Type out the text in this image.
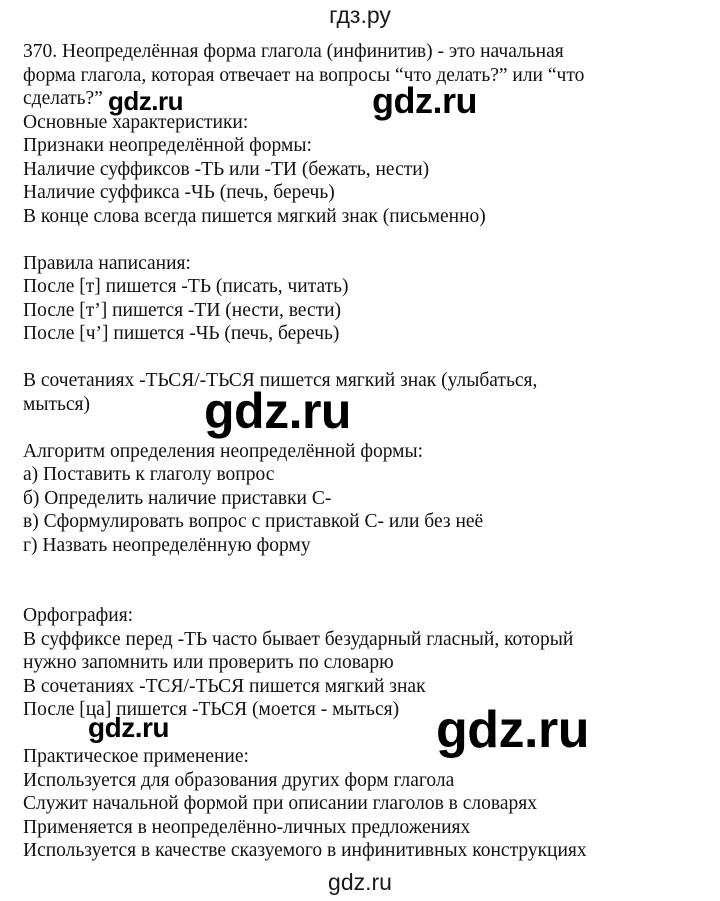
гдз.ру
370. Неопределённая форма глагола (инфинитив) - это начальная
форма глагола, которая отвечает на вопросы “что делать?” или “что
сделать?”
Основные характеристики:
Признаки неопределённой формы:
Наличие суффиксов -ТЬ или -ТИ (бежать, нести)
Наличие суффикса -ЧЬ (печь, беречь)
В конце слова всегда пишется мягкий знак (письменно)
Правила написания:
После [т] пишется -ТЬ (писать, читать)
После [т’] пишется -ТИ (нести, вести)
После [ч’] пишется -ЧЬ (печь, беречь)
В сочетаниях -ТЬСЯ/-ТЬСЯ пишется мягкий знак (улыбаться,
мыться)
Алгоритм определения неопределённой формы:
а) Поставить к глаголу вопрос
б) Определить наличие приставки С-
в) Сформулировать вопрос с приставкой С- или без неё
г) Назвать неопределённую форму
Орфография:
В суффиксе перед -ТЬ часто бывает безударный гласный, который
нужно запомнить или проверить по словарю
В сочетаниях -ТСЯ/-ТЬСЯ пишется мягкий знак
После [ца] пишется -ТЬСЯ (моется - мыться)
Практическое применение:
Используется для образования других форм глагола
Служит начальной формой при описании глаголов в словарях
Применяется в неопределённо-личных предложениях
Используется в качестве сказуемого в инфинитивных конструкциях
gdz.ru	gdz.ru
gdz.ru
gdz.ru	gdz.ru
gdz.ru
